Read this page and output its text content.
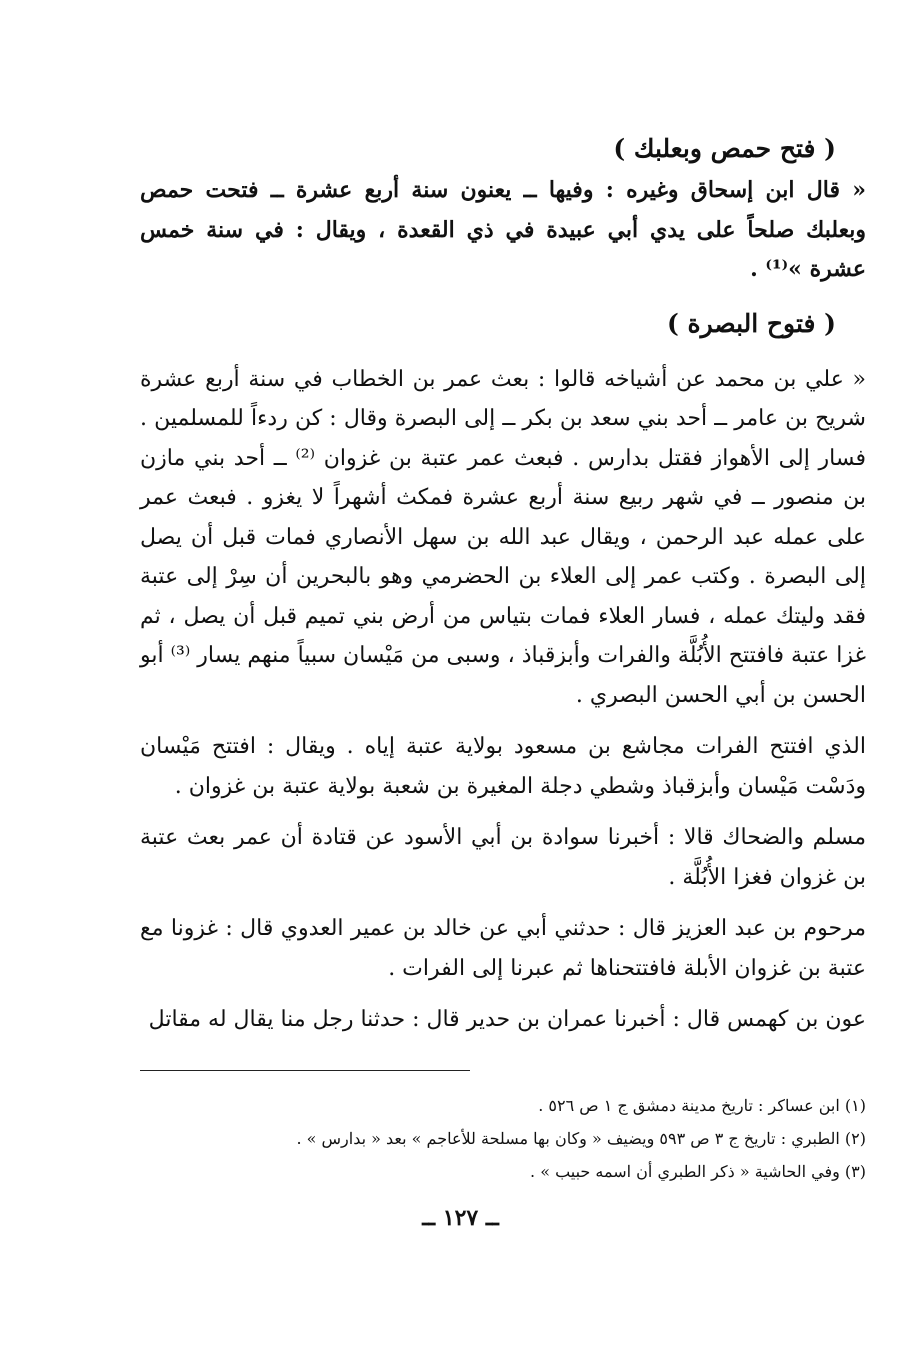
( فتح حمص وبعلبك )

« قال ابن إسحاق وغيره : وفيها ــ يعنون سنة أربع عشرة ــ فتحت حمص وبعلبك صلحاً على يدي أبي عبيدة في ذي القعدة ، ويقال : في سنة خمس عشرة »⁽¹⁾ .

( فتوح البصرة )

« علي بن محمد عن أشياخه قالوا : بعث عمر بن الخطاب في سنة أربع عشرة شريح بن عامر ــ أحد بني سعد بن بكر ــ إلى البصرة وقال : كن ردءاً للمسلمين . فسار إلى الأهواز فقتل بدارس . فبعث عمر عتبة بن غزوان ⁽²⁾ ــ أحد بني مازن بن منصور ــ في شهر ربيع سنة أربع عشرة فمكث أشهراً لا يغزو . فبعث عمر على عمله عبد الرحمن ، ويقال عبد الله بن سهل الأنصاري فمات قبل أن يصل إلى البصرة . وكتب عمر إلى العلاء بن الحضرمي وهو بالبحرين أن سِرْ إلى عتبة فقد وليتك عمله ، فسار العلاء فمات بتياس من أرض بني تميم قبل أن يصل ، ثم غزا عتبة فافتتح الأُبُلَّة والفرات وأبزقباذ ، وسبى من مَيْسان سبياً منهم يسار ⁽³⁾ أبو الحسن بن أبي الحسن البصري .

الذي افتتح الفرات مجاشع بن مسعود بولاية عتبة إياه . ويقال : افتتح مَيْسان ودَسْت مَيْسان وأبزقباذ وشطي دجلة المغيرة بن شعبة بولاية عتبة بن غزوان .

مسلم والضحاك قالا : أخبرنا سوادة بن أبي الأسود عن قتادة أن عمر بعث عتبة بن غزوان فغزا الأُبُلَّة .

مرحوم بن عبد العزيز قال : حدثني أبي عن خالد بن عمير العدوي قال : غزونا مع عتبة بن غزوان الأبلة فافتتحناها ثم عبرنا إلى الفرات .

عون بن كهمس قال : أخبرنا عمران بن حدير قال : حدثنا رجل منا يقال له مقاتل

(١) ابن عساكر : تاريخ مدينة دمشق ج ١ ص ٥٢٦ .

(٢) الطبري : تاريخ ج ٣ ص ٥٩٣ ويضيف « وكان بها مسلحة للأعاجم » بعد « بدارس » .

(٣) وفي الحاشية « ذكر الطبري أن اسمه حبيب » .

ــ ١٢٧ ــ
